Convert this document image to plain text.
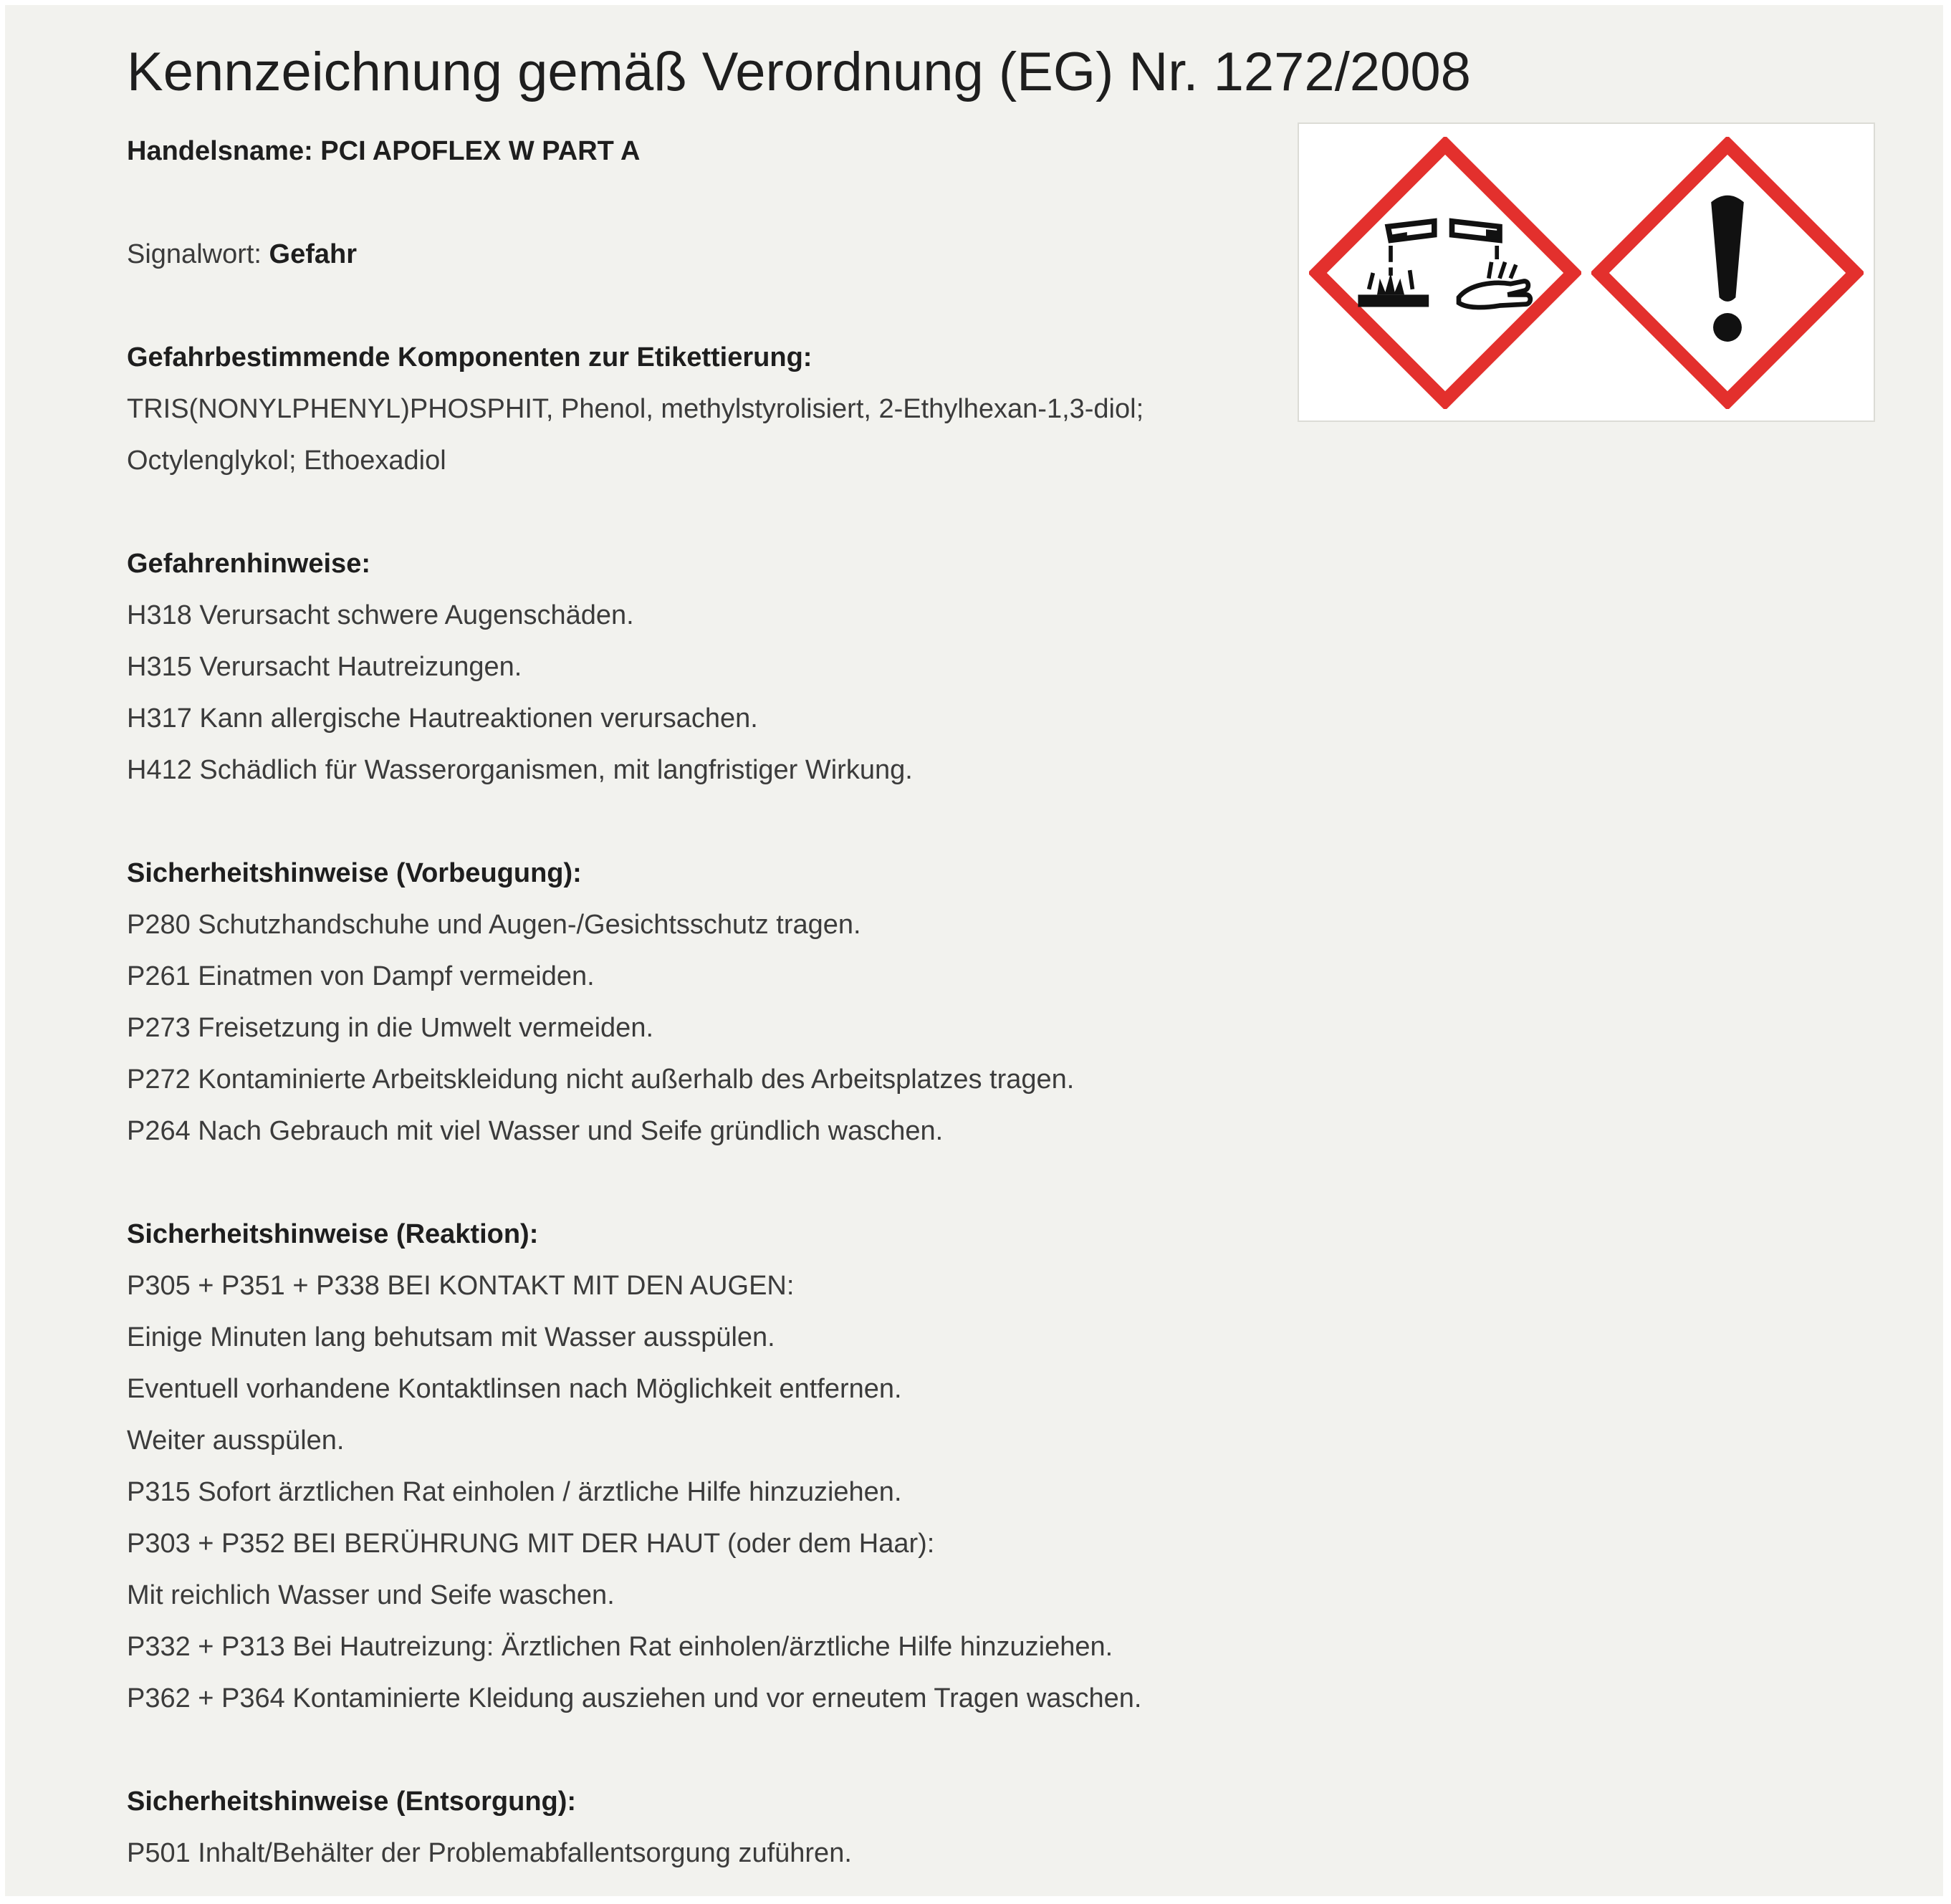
Kennzeichnung gemäß Verordnung (EG) Nr. 1272/2008
Handelsname: PCI APOFLEX W PART A
Signalwort: Gefahr
Gefahrbestimmende Komponenten zur Etikettierung:
TRIS(NONYLPHENYL)PHOSPHIT, Phenol, methylstyrolisiert, 2-Ethylhexan-1,3-diol;
Octylenglykol; Ethoexadiol
Gefahrenhinweise:
H318 Verursacht schwere Augenschäden.
H315 Verursacht Hautreizungen.
H317 Kann allergische Hautreaktionen verursachen.
H412 Schädlich für Wasserorganismen, mit langfristiger Wirkung.
Sicherheitshinweise (Vorbeugung):
P280 Schutzhandschuhe und Augen-/Gesichtsschutz tragen.
P261 Einatmen von Dampf vermeiden.
P273 Freisetzung in die Umwelt vermeiden.
P272 Kontaminierte Arbeitskleidung nicht außerhalb des Arbeitsplatzes tragen.
P264 Nach Gebrauch mit viel Wasser und Seife gründlich waschen.
Sicherheitshinweise (Reaktion):
P305 + P351 + P338 BEI KONTAKT MIT DEN AUGEN:
Einige Minuten lang behutsam mit Wasser ausspülen.
Eventuell vorhandene Kontaktlinsen nach Möglichkeit entfernen.
Weiter ausspülen.
P315 Sofort ärztlichen Rat einholen / ärztliche Hilfe hinzuziehen.
P303 + P352 BEI BERÜHRUNG MIT DER HAUT (oder dem Haar):
Mit reichlich Wasser und Seife waschen.
P332 + P313 Bei Hautreizung: Ärztlichen Rat einholen/ärztliche Hilfe hinzuziehen.
P362 + P364 Kontaminierte Kleidung ausziehen und vor erneutem Tragen waschen.
Sicherheitshinweise (Entsorgung):
P501 Inhalt/Behälter der Problemabfallentsorgung zuführen.
